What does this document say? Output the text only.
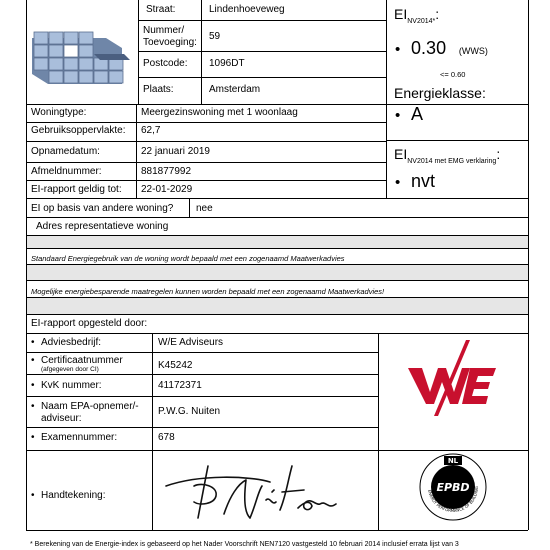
Straat:	Lindenhoeveweg
Nummer/
Toevoeging:
59
Postcode: 1096DT
Plaats:	Amsterdam
$EI_{NV2014*}$:
• 0.30 (WWS)
<= 0.60
Energieklasse:
• A
$EI_{NV2014 met EMG verklaring}$:
• nvt
Woningtype:	Meergezinswoning met 1 woonlaag
Gebruiksoppervlakte: 62,7
Opnamedatum:	22 januari 2019
Afmeldnummer:	881877992
EI-rapport geldig tot: 22-01-2029
EI op basis van andere woning? nee
Adres representatieve woning
Standaard Energiegebruik van de woning wordt bepaald met een zogenaamd Maatwerkadvies
Mogelijke energiebesparende maatregelen kunnen worden bepaald met een zogenaamd Maatwerkadvies!
EI-rapport opgesteld door:
• Adviesbedrijf:	W/E Adviseurs
• Certificaatnummer
(afgegeven door CI)	K45242
• KvK nummer:	41172371
• Naam EPA-opnemer/-
adviseur:
P.W.G. Nuiten
• Examennummer:	678
• Handtekening:
NL
EPBD
ENERGY PERFORMANCE OF BUILDING
* Berekening van de Energie-index is gebaseerd op het Nader Voorschrift NEN7120 vastgesteld 10 februari 2014 inclusief errata lijst van 3
